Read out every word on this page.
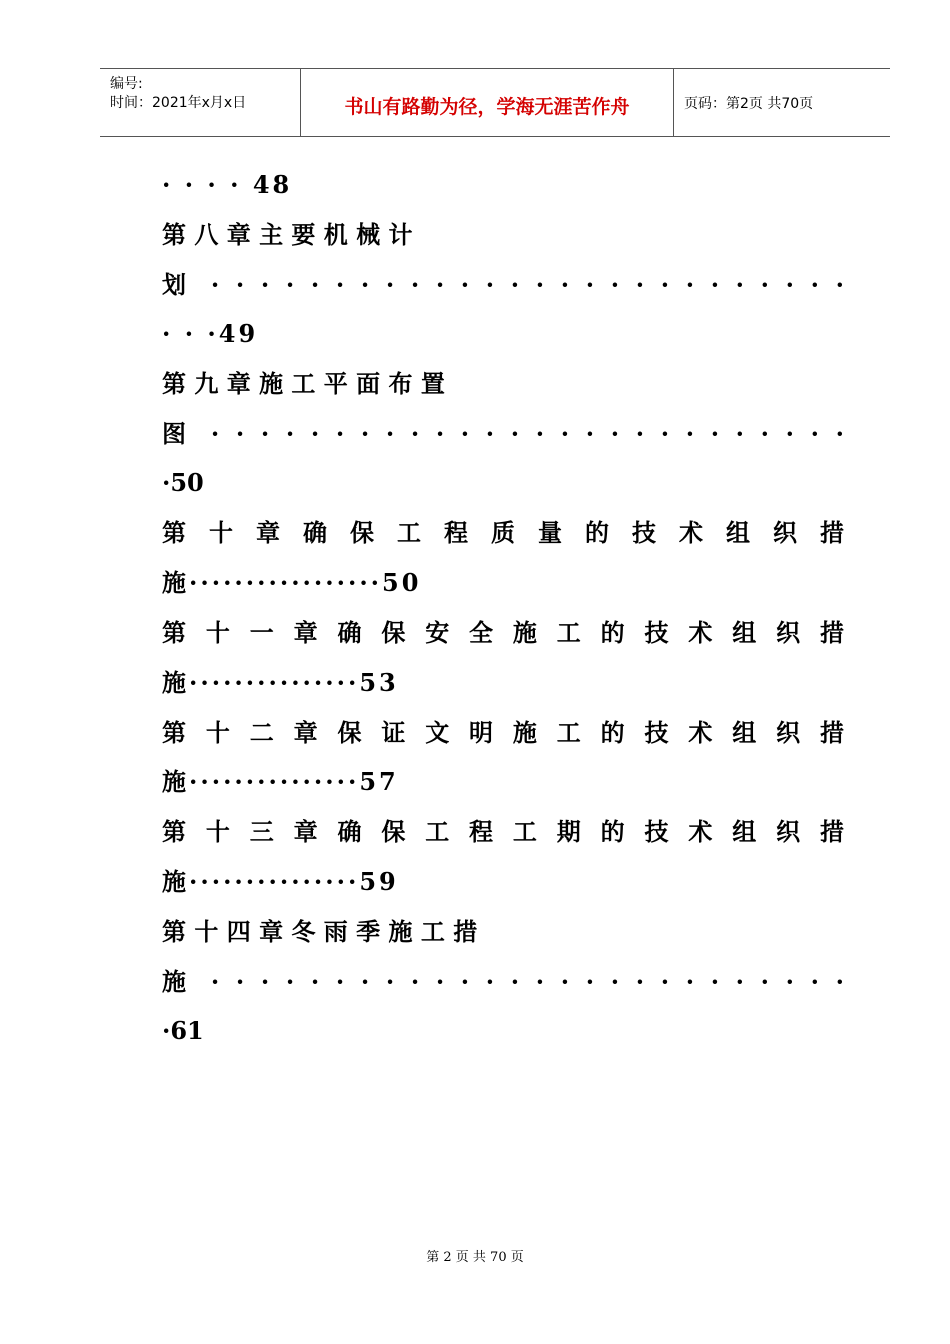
编号:
时间：2021年x月x日	书山有路勤为径，学海无涯苦作舟	页码：第2页 共70页
· · · · 48
第 八 章 主 要 机 械 计
划 · · · · · · · · · · · · · · · · · · · · · · · · · ·
· · ·49
第 九 章 施 工 平 面 布 置
图 · · · · · · · · · · · · · · · · · · · · · · · · · ·
·50
第 十 章 确 保 工 程 质 量 的 技 术 组 织 措
施·················50
第 十 一 章 确 保 安 全 施 工 的 技 术 组 织 措
施···············53
第 十 二 章 保 证 文 明 施 工 的 技 术 组 织 措
施···············57
第 十 三 章 确 保 工 程 工 期 的 技 术 组 织 措
施···············59
第 十 四 章 冬 雨 季 施 工 措
施 · · · · · · · · · · · · · · · · · · · · · · · · · ·
·61
第 2 页 共 70 页
